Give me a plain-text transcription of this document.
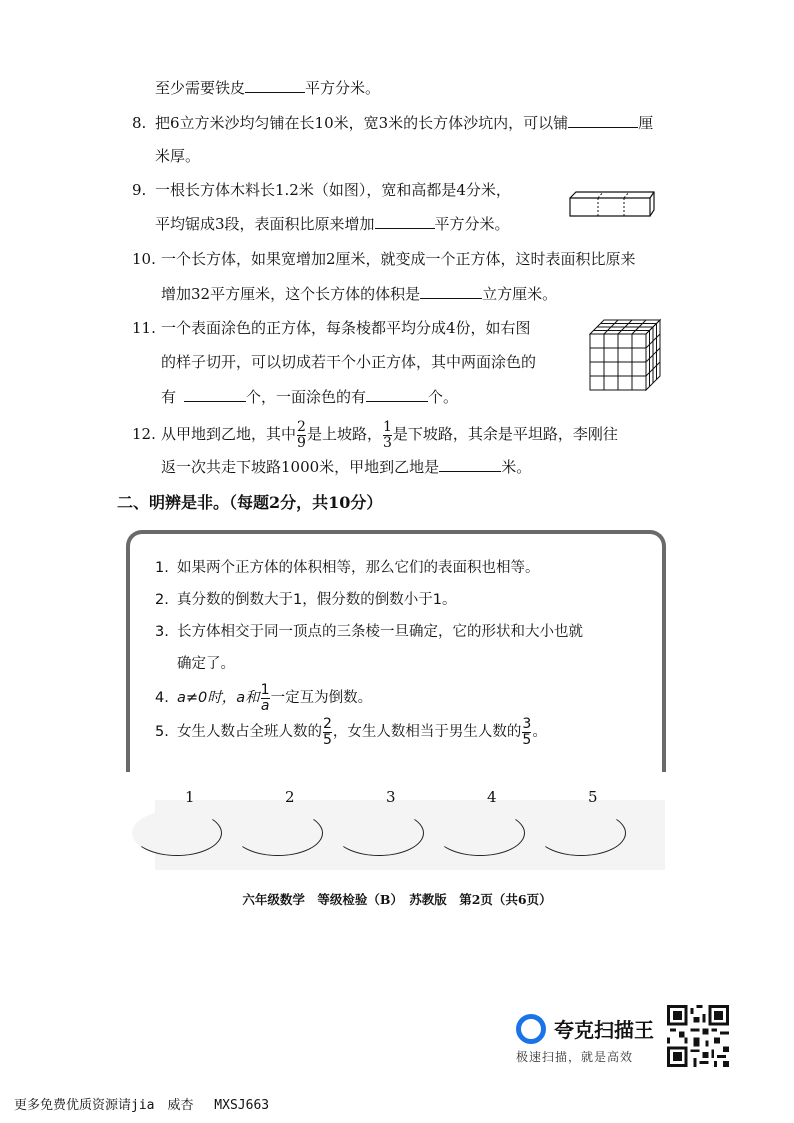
至少需要铁皮	平方分米。
8. 把6立方米沙均匀铺在长10米，宽3米的长方体沙坑内，可以铺	厘
米厚。
9. 一根长方体木料长1.2米（如图），宽和高都是4分米，
平均锯成3段，表面积比原来增加	平方分米。
10. 一个长方体，如果宽增加2厘米，就变成一个正方体，这时表面积比原来
增加32平方厘米，这个长方体的体积是	立方厘米。
11. 一个表面涂色的正方体，每条棱都平均分成4份，如右图
的样子切开，可以切成若干个小正方体，其中两面涂色的
有	个，一面涂色的有	个。
12. 从甲地到乙地，其中 $\frac{2}{9}$ 是上坡路， $\frac{1}{3}$ 是下坡路，其余是平坦路，李刚往
返一次共走下坡路1000米，甲地到乙地是	米。
二、明辨是非。（每题2分，共10分）
1. 如果两个正方体的体积相等，那么它们的表面积也相等。
2. 真分数的倒数大于1，假分数的倒数小于1。
3. 长方体相交于同一顶点的三条棱一旦确定，它的形状和大小也就
确定了。
4. a≠0时，a和 $\frac{1}{a}$ 一定互为倒数。
5. 女生人数占全班人数的 $\frac{2}{5}$ ，女生人数相当于男生人数的 $\frac{3}{5}$ 。
1	2	3	4	5
六年级数学　等级检验（B）　苏教版　第2页（共6页）
夸克扫描王
极速扫描，就是高效
更多免费优质资源请jia　威杏　 MXSJ663
